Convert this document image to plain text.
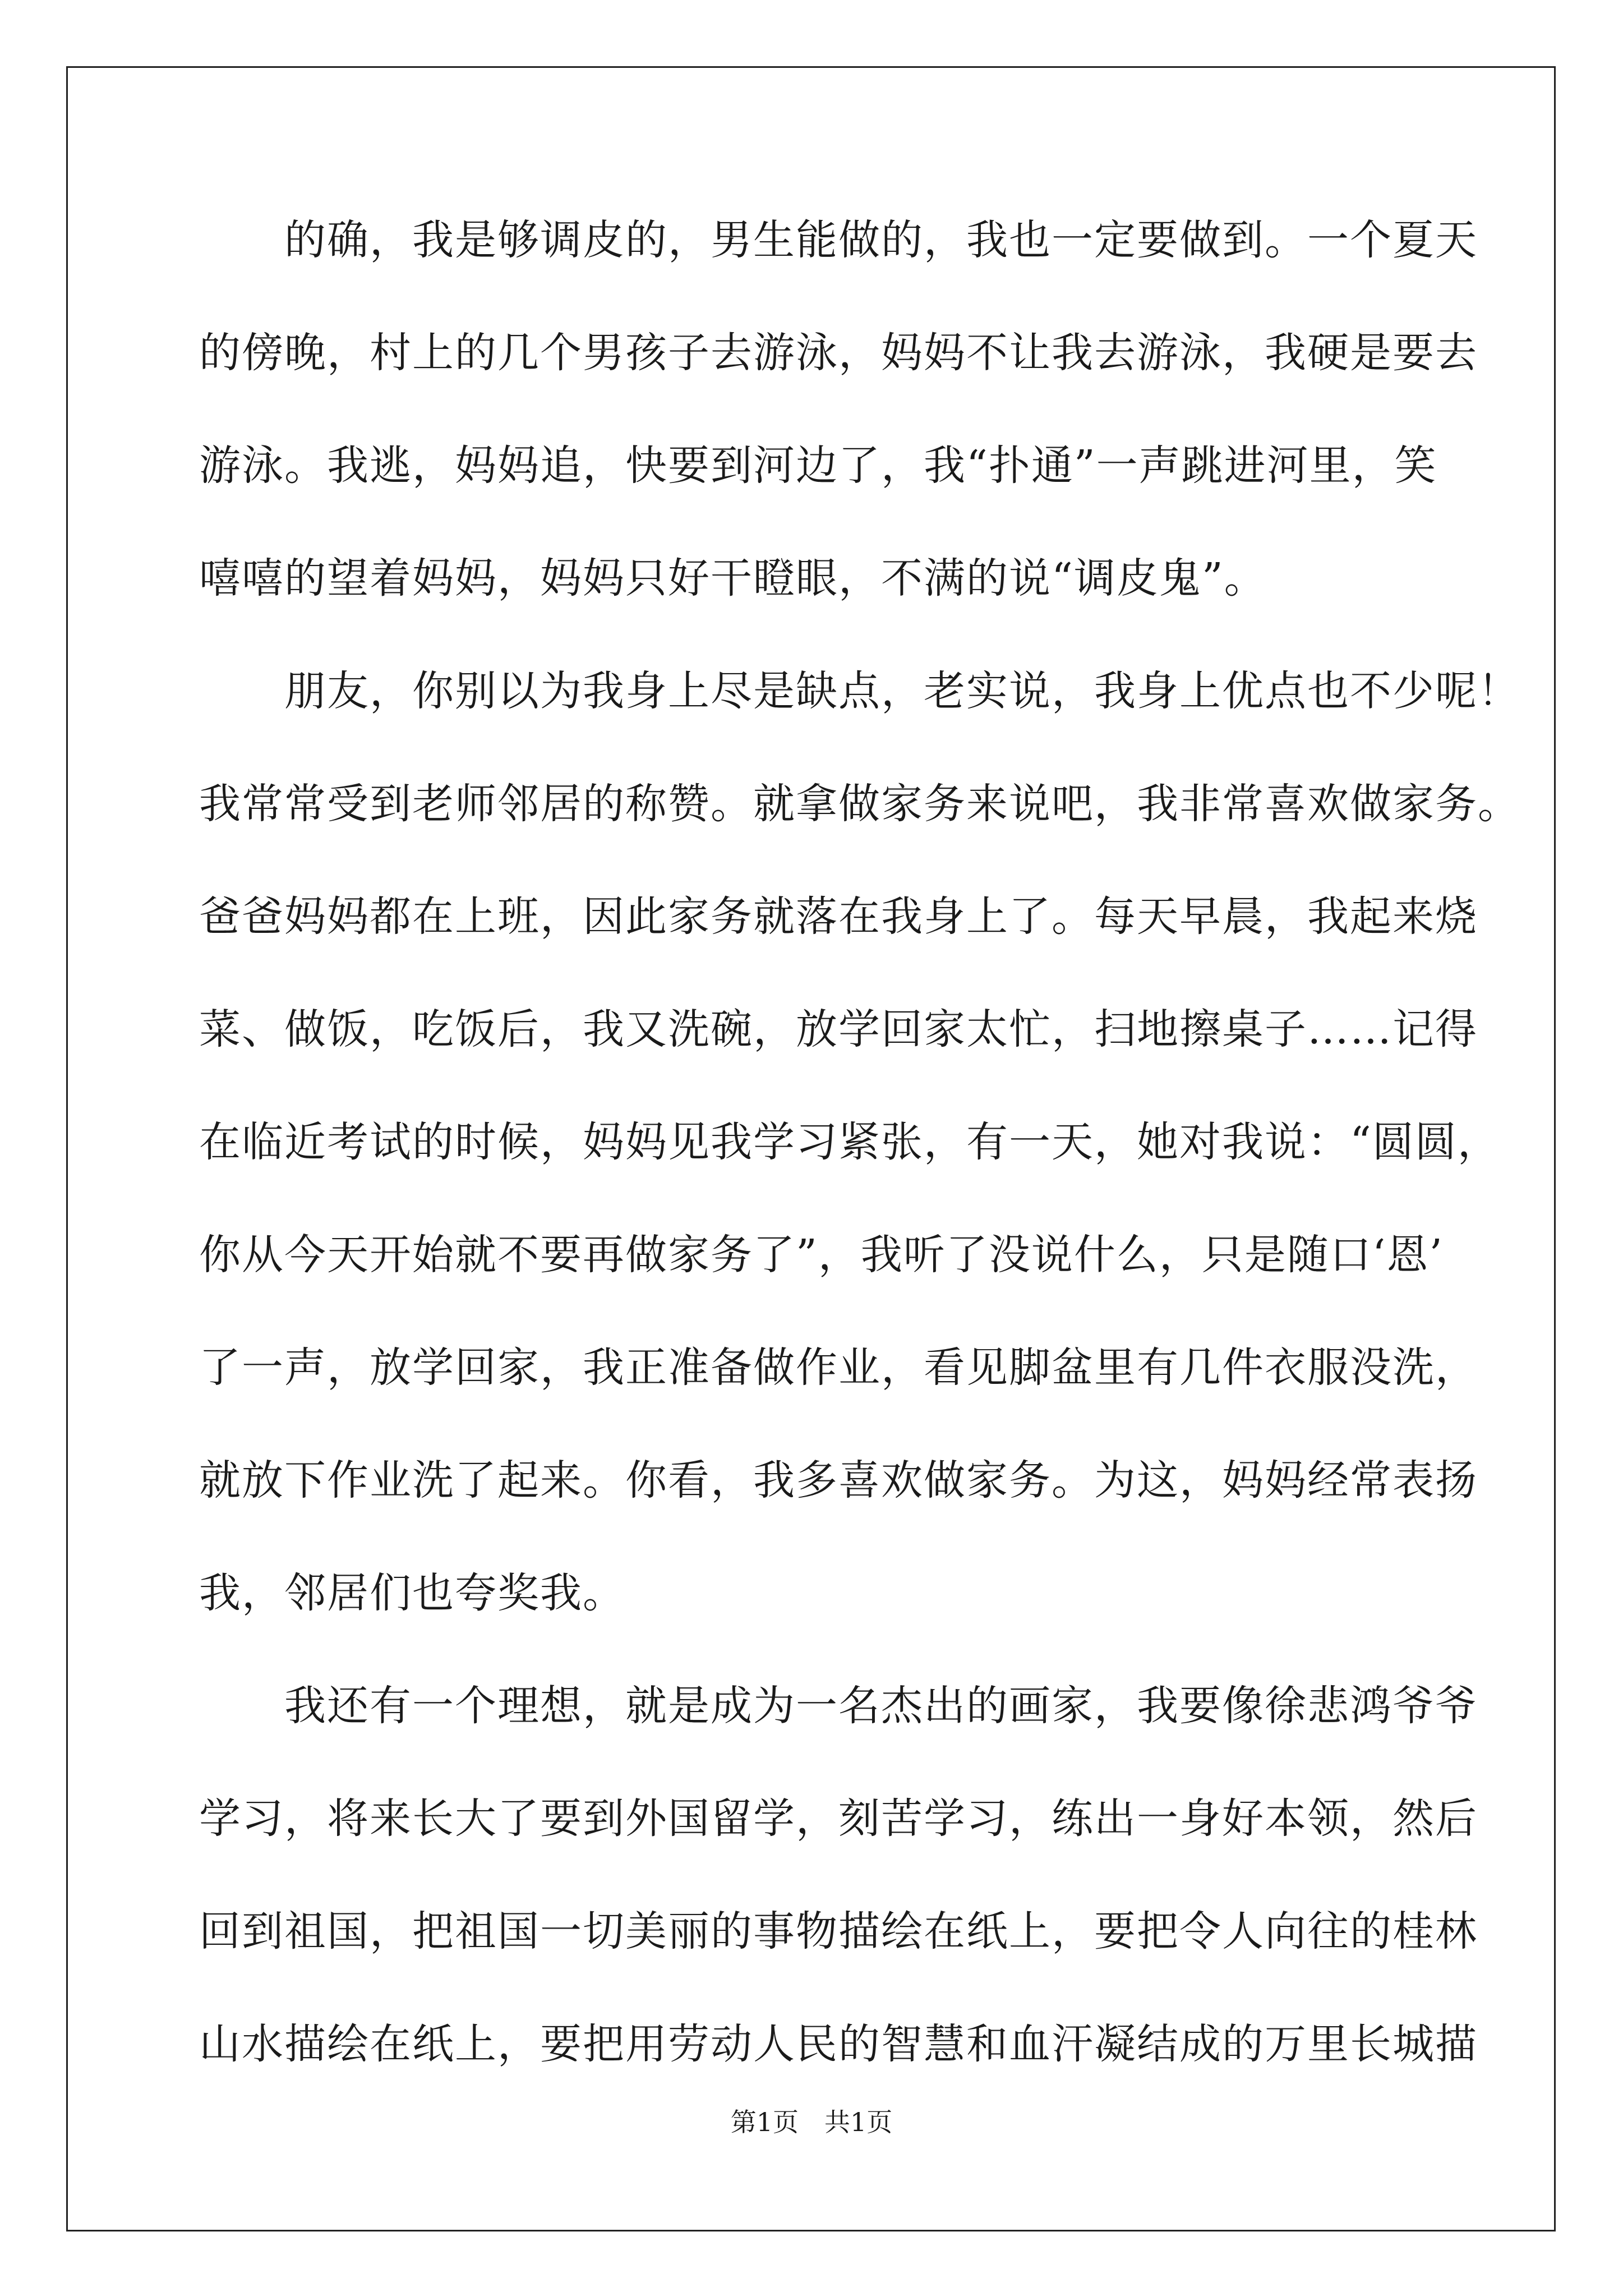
　　的确，我是够调皮的，男生能做的，我也一定要做到。一个夏天
的傍晚，村上的几个男孩子去游泳，妈妈不让我去游泳，我硬是要去
游泳。我逃，妈妈追，快要到河边了，我“扑通”一声跳进河里，笑
嘻嘻的望着妈妈，妈妈只好干瞪眼，不满的说“调皮鬼”。
　　朋友，你别以为我身上尽是缺点，老实说，我身上优点也不少呢！
我常常受到老师邻居的称赞。就拿做家务来说吧，我非常喜欢做家务。
爸爸妈妈都在上班，因此家务就落在我身上了。每天早晨，我起来烧
菜、做饭，吃饭后，我又洗碗，放学回家太忙，扫地擦桌子……记得
在临近考试的时候，妈妈见我学习紧张，有一天，她对我说：“圆圆，
你从今天开始就不要再做家务了”，我听了没说什么，只是随口‘恩’
了一声，放学回家，我正准备做作业，看见脚盆里有几件衣服没洗，
就放下作业洗了起来。你看，我多喜欢做家务。为这，妈妈经常表扬
我，邻居们也夸奖我。
　　我还有一个理想，就是成为一名杰出的画家，我要像徐悲鸿爷爷
学习，将来长大了要到外国留学，刻苦学习，练出一身好本领，然后
回到祖国，把祖国一切美丽的事物描绘在纸上，要把令人向往的桂林
山水描绘在纸上，要把用劳动人民的智慧和血汗凝结成的万里长城描
第1页　共1页
